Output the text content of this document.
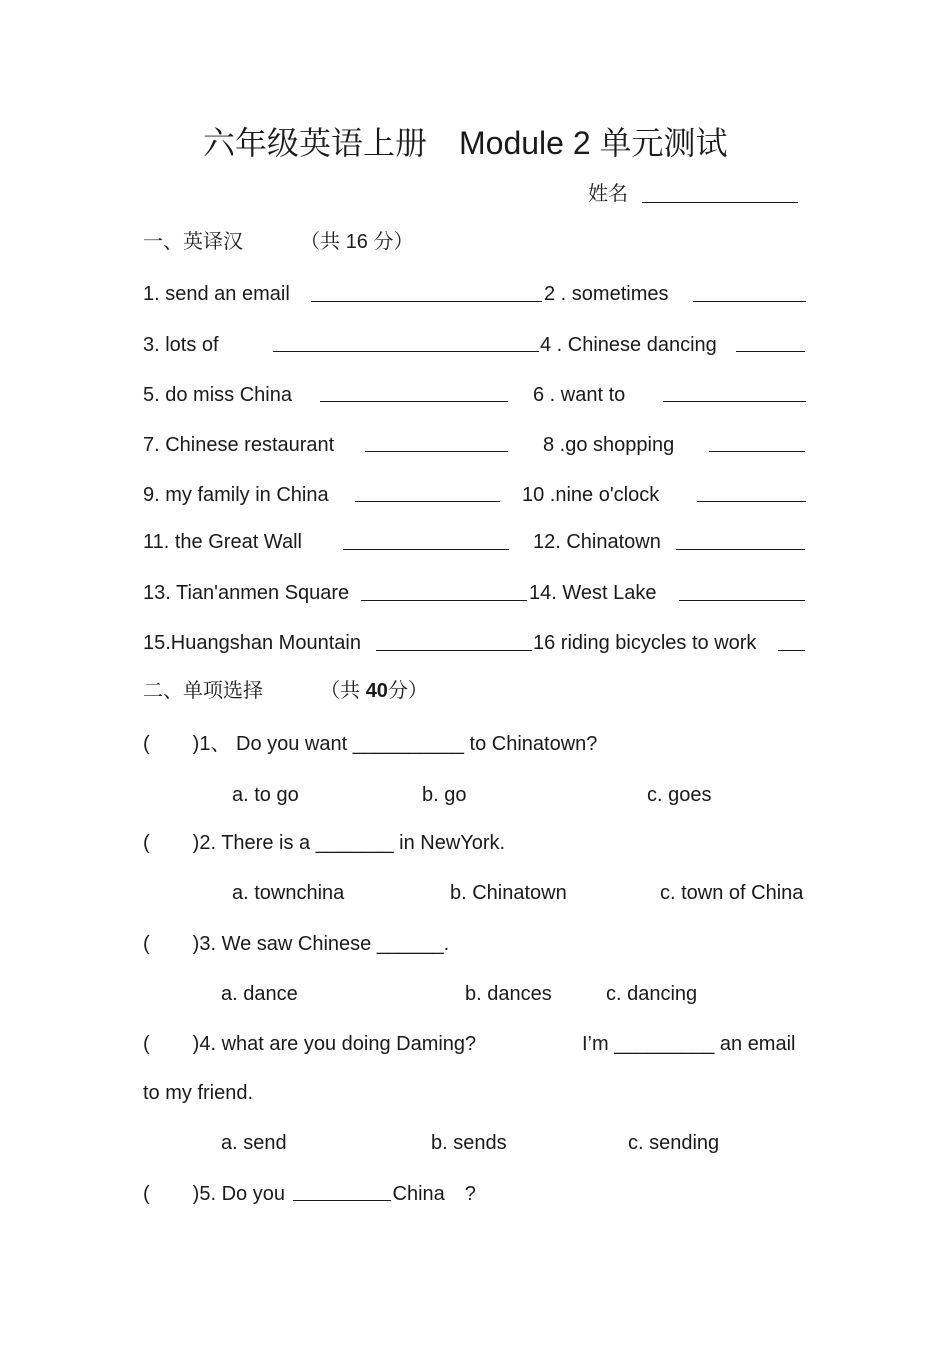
六年级英语上册　Module 2 单元测试
姓名
一、英译汉	（共 16 分）
1. send an email	2 . sometimes
3. lots of	4 . Chinese dancing
5. do miss China	6 . want to
7. Chinese restaurant	8 .go shopping
9. my family in China	10 .nine o'clock
11. the Great Wall	12. Chinatown
13. Tian'anmen Square	14. West Lake
15.Huangshan Mountain	16 riding bicycles to work
二、单项选择	（共 40分）
( )1、 Do you want __________ to Chinatown?
a. to go	b. go	c. goes
( )2. There is a _______ in NewYork.
a. townchina	b. Chinatown	c. town of China
( )3. We saw Chinese ______.
a. dance	b. dances	c. dancing
( )4. what are you doing Daming?	I’m _________ an email
to my friend.
a. send	b. sends	c. sending
( )5. Do you	China　?
